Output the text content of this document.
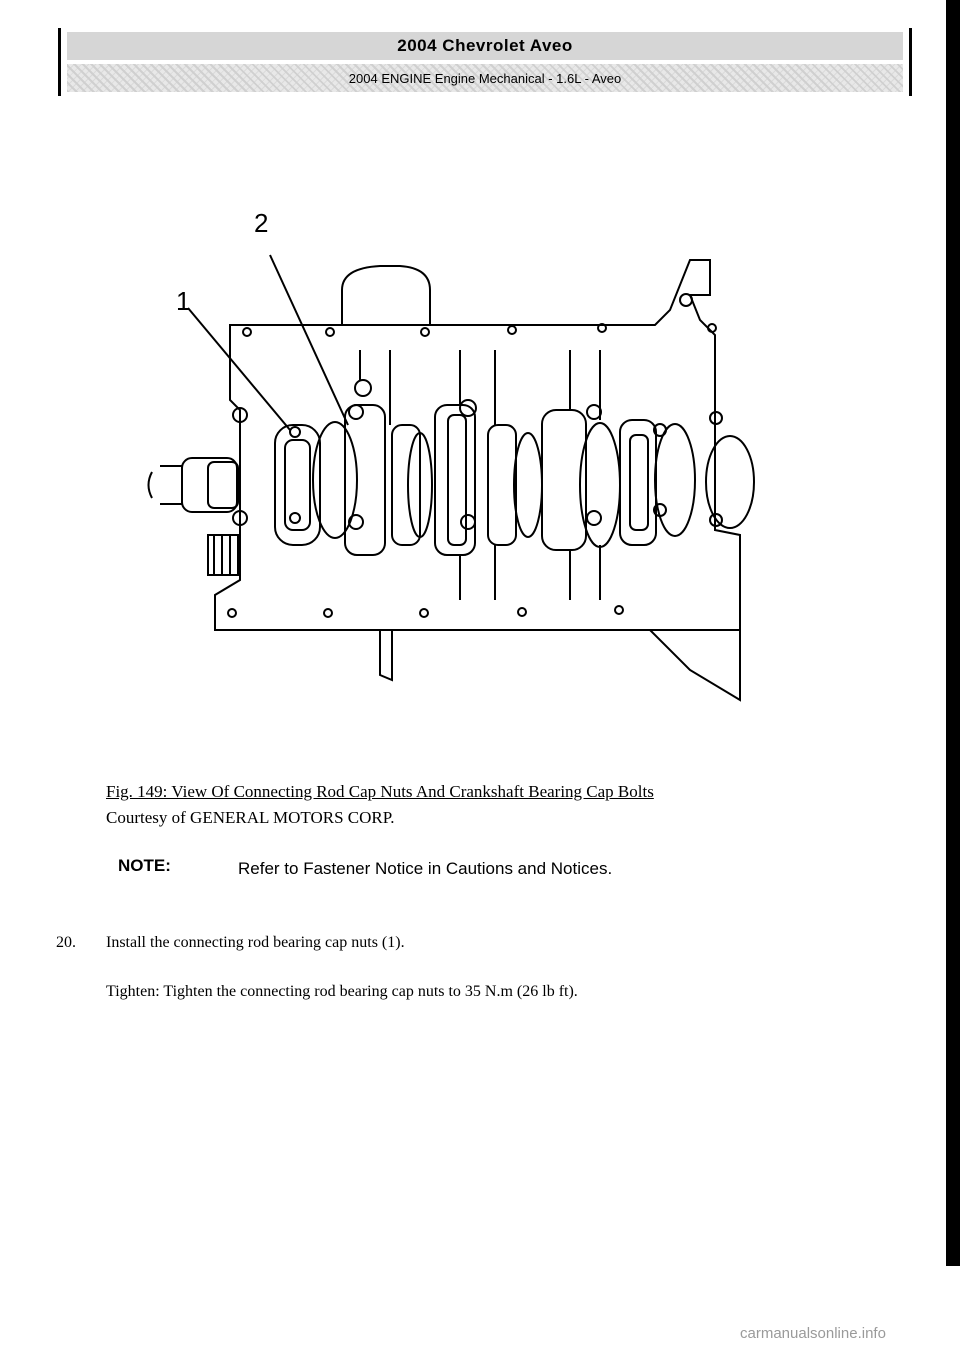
2004 Chevrolet Aveo
2004 ENGINE Engine Mechanical - 1.6L - Aveo
1
2
Fig. 149: View Of Connecting Rod Cap Nuts And Crankshaft Bearing Cap Bolts
Courtesy of GENERAL MOTORS CORP.
NOTE:	Refer to Fastener Notice in Cautions and Notices.
20. Install the connecting rod bearing cap nuts (1).
Tighten: Tighten the connecting rod bearing cap nuts to 35 N.m (26 lb ft).
carmanualsonline.info
